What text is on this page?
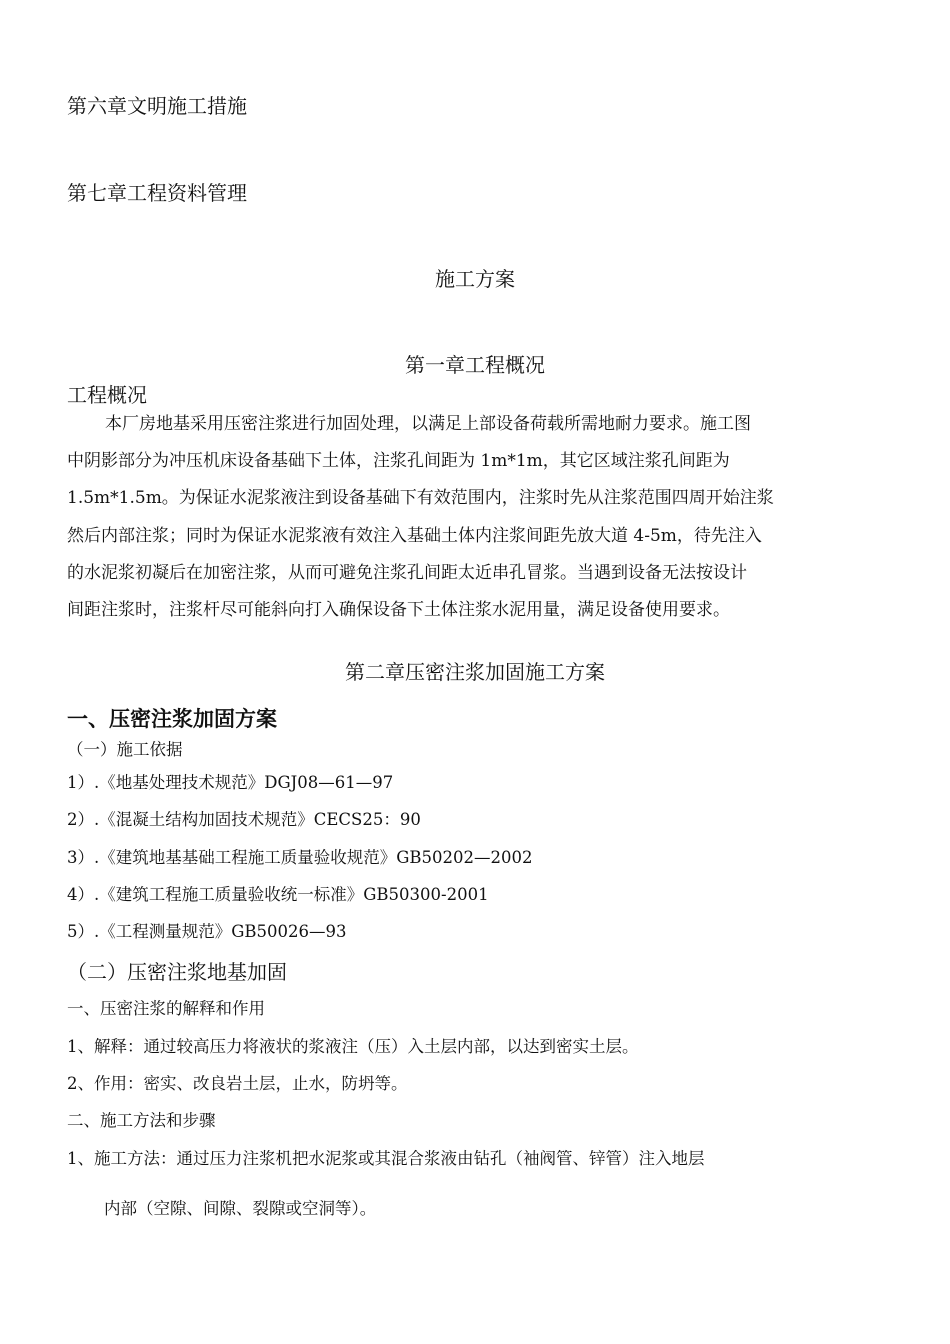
第六章文明施工措施
第七章工程资料管理
施工方案
第一章工程概况
工程概况
本厂房地基采用压密注浆进行加固处理，以满足上部设备荷载所需地耐力要求。施工图
中阴影部分为冲压机床设备基础下土体，注浆孔间距为 1m*1m，其它区域注浆孔间距为
1.5m*1.5m。为保证水泥浆液注到设备基础下有效范围内，注浆时先从注浆范围四周开始注浆
然后内部注浆；同时为保证水泥浆液有效注入基础土体内注浆间距先放大道 4-5m，待先注入
的水泥浆初凝后在加密注浆，从而可避免注浆孔间距太近串孔冒浆。当遇到设备无法按设计
间距注浆时，注浆杆尽可能斜向打入确保设备下土体注浆水泥用量，满足设备使用要求。
第二章压密注浆加固施工方案
一、压密注浆加固方案
（一）施工依据
1）.《地基处理技术规范》DGJ08—61—97
2）.《混凝土结构加固技术规范》CECS25：90
3）.《建筑地基基础工程施工质量验收规范》GB50202—2002
4）.《建筑工程施工质量验收统一标准》GB50300-2001
5）.《工程测量规范》GB50026—93
（二）压密注浆地基加固
一、压密注浆的解释和作用
1、解释：通过较高压力将液状的浆液注（压）入土层内部，以达到密实土层。
2、作用：密实、改良岩土层，止水，防坍等。
二、施工方法和步骤
1、施工方法：通过压力注浆机把水泥浆或其混合浆液由钻孔（袖阀管、锌管）注入地层
内部（空隙、间隙、裂隙或空洞等）。
